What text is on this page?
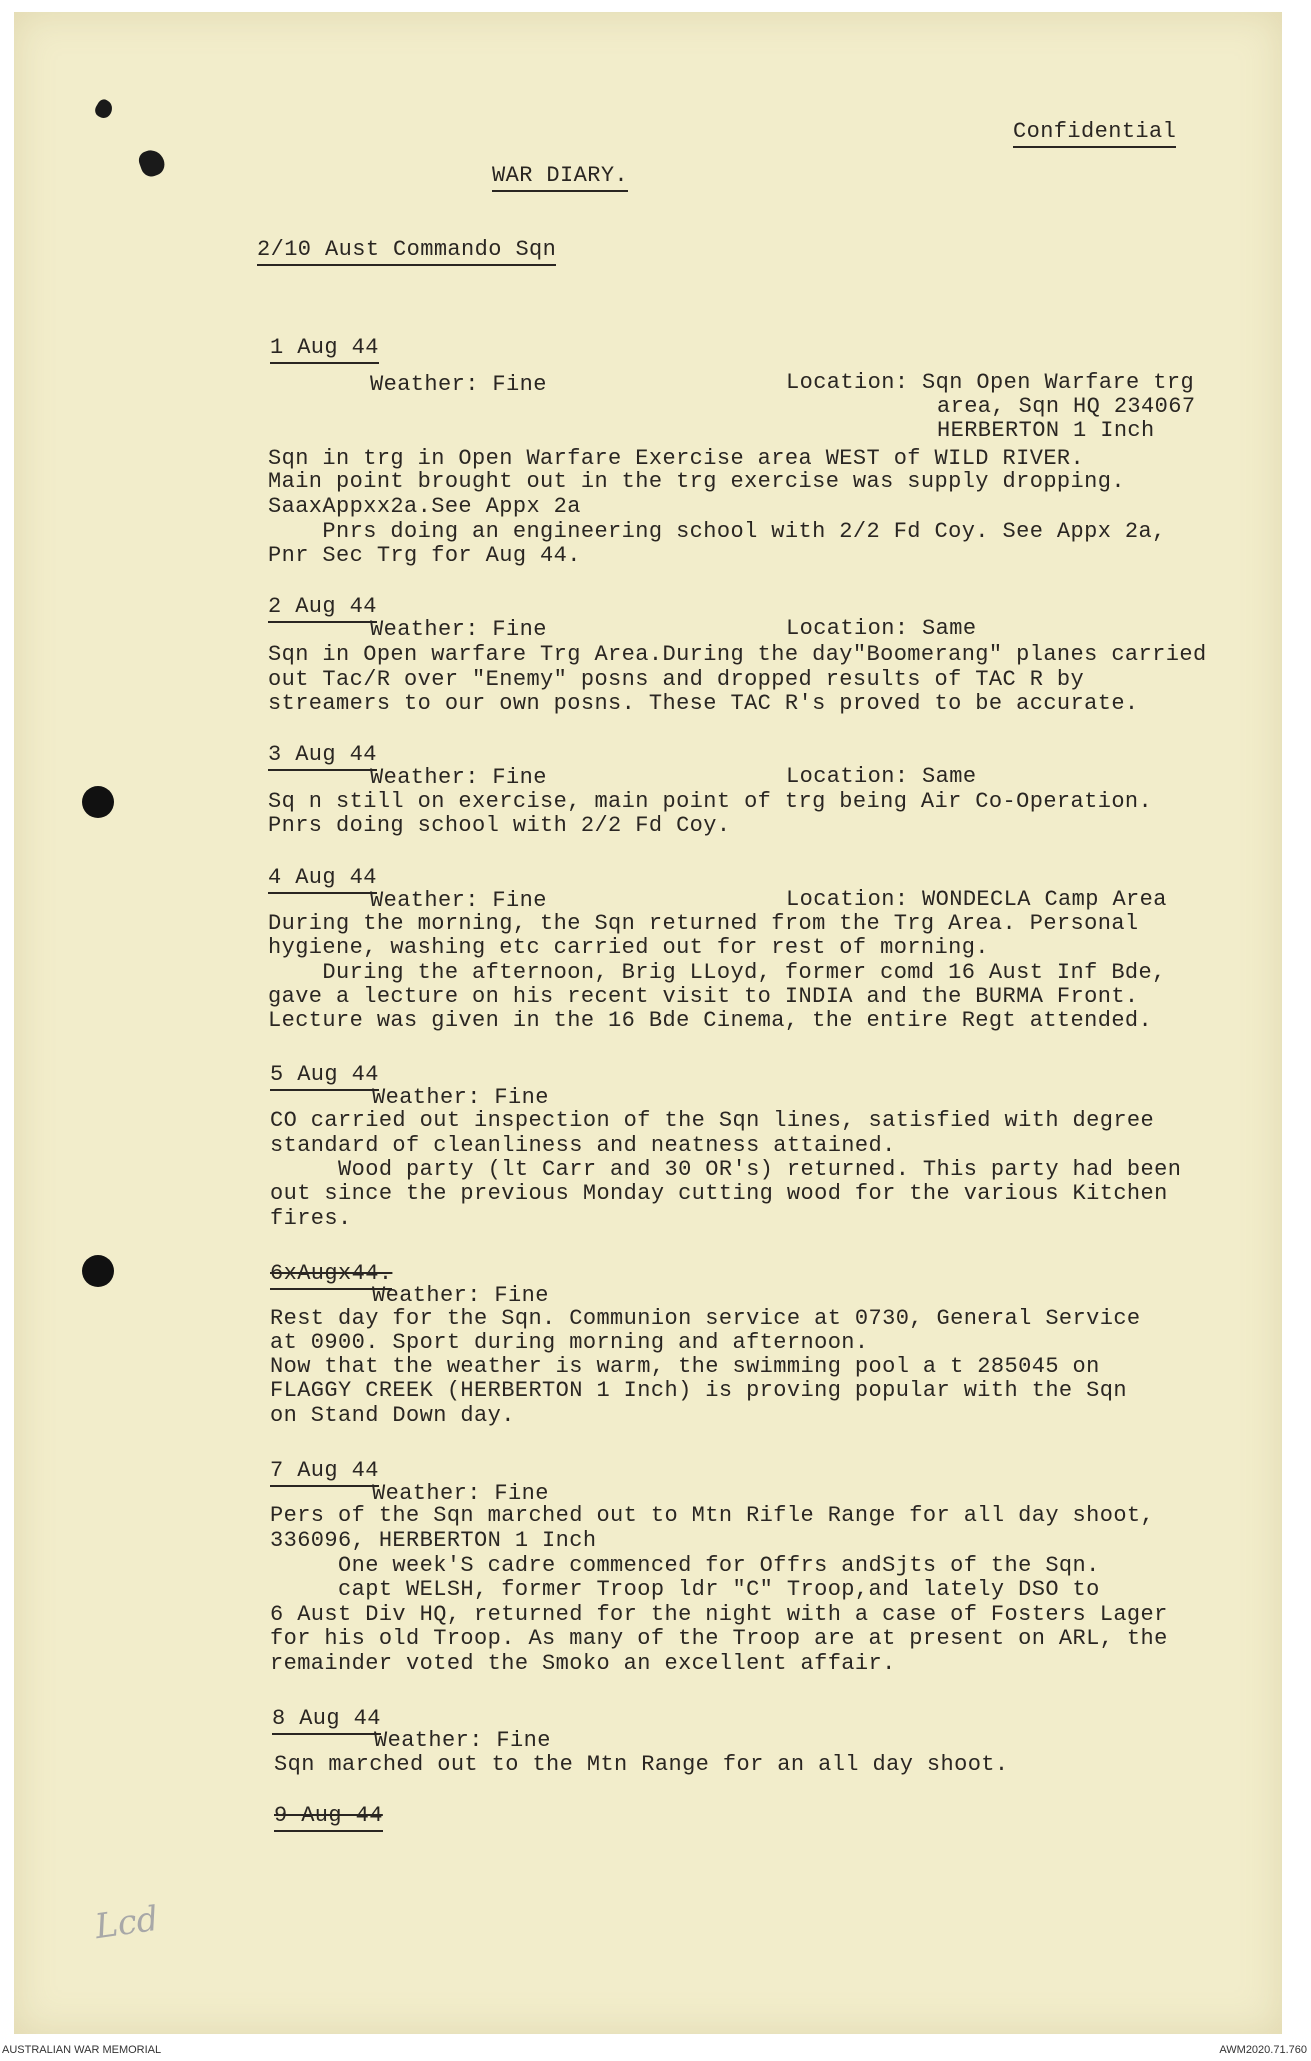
Confidential
WAR DIARY.
2/10 Aust Commando Sqn
1 Aug 44
Weather: Fine	Location: Sqn Open Warfare trg
area, Sqn HQ 234067
HERBERTON 1 Inch
Sqn in trg in Open Warfare Exercise area WEST of WILD RIVER.
Main point brought out in the trg exercise was supply dropping.
SaaxAppxx2a.See Appx 2a
Pnrs doing an engineering school with 2/2 Fd Coy. See Appx 2a,
Pnr Sec Trg for Aug 44.
2 Aug 44
Weather: Fine	Location: Same
Sqn in Open warfare Trg Area.During the day"Boomerang" planes carried
out Tac/R over "Enemy" posns and dropped results of TAC R by
streamers to our own posns. These TAC R's proved to be accurate.
3 Aug 44
Weather: Fine	Location: Same
Sq n still on exercise, main point of trg being Air Co-Operation.
Pnrs doing school with 2/2 Fd Coy.
4 Aug 44
Weather: Fine	Location: WONDECLA Camp Area
During the morning, the Sqn returned from the Trg Area. Personal
hygiene, washing etc carried out for rest of morning.
During the afternoon, Brig LLoyd, former comd 16 Aust Inf Bde,
gave a lecture on his recent visit to INDIA and the BURMA Front.
Lecture was given in the 16 Bde Cinema, the entire Regt attended.
5 Aug 44
Weather: Fine
CO carried out inspection of the Sqn lines, satisfied with degree
standard of cleanliness and neatness attained.
Wood party (lt Carr and 30 OR's) returned. This party had been
out since the previous Monday cutting wood for the various Kitchen
fires.
6xAugx44.
Weather: Fine
Rest day for the Sqn. Communion service at 0730, General Service
at 0900. Sport during morning and afternoon.
Now that the weather is warm, the swimming pool a t 285045 on
FLAGGY CREEK (HERBERTON 1 Inch) is proving popular with the Sqn
on Stand Down day.
7 Aug 44
Weather: Fine
Pers of the Sqn marched out to Mtn Rifle Range for all day shoot,
336096, HERBERTON 1 Inch
One week'S cadre commenced for Offrs andSjts of the Sqn.
capt WELSH, former Troop ldr "C" Troop,and lately DSO to
6 Aust Div HQ, returned for the night with a case of Fosters Lager
for his old Troop. As many of the Troop are at present on ARL, the
remainder voted the Smoko an excellent affair.
8 Aug 44
Weather: Fine
Sqn marched out to the Mtn Range for an all day shoot.
9 Aug 44
Lcd
AUSTRALIAN WAR MEMORIAL	AWM2020.71.760
